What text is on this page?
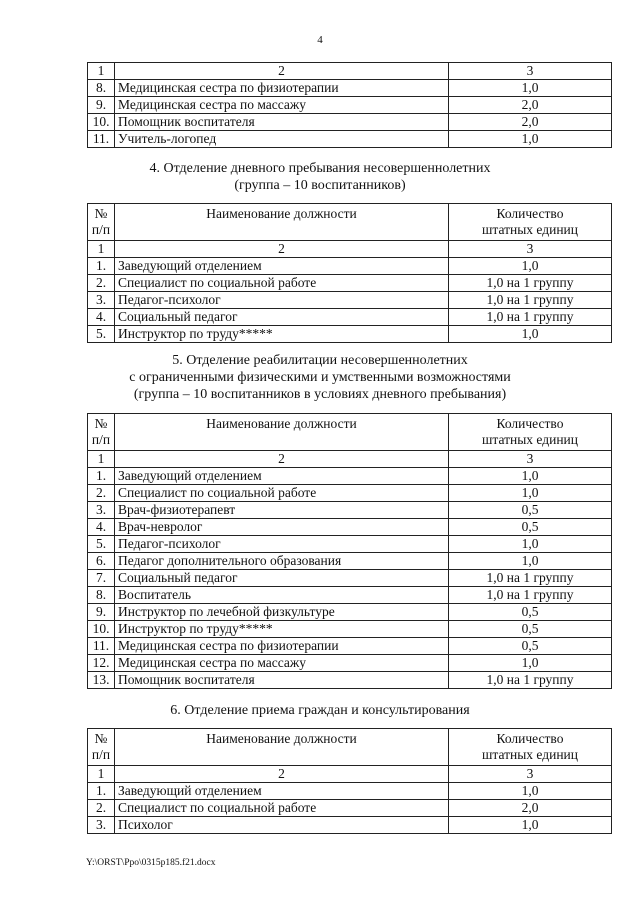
4
1	2	3
8.	Медицинская сестра по физиотерапии	1,0
9.	Медицинская сестра по массажу	2,0
10.	Помощник воспитателя	2,0
11.	Учитель-логопед	1,0
4. Отделение дневного пребывания несовершеннолетних
(группа – 10 воспитанников)
№
п/п	Наименование должности	Количество
штатных единиц
1	2	3
1.	Заведующий отделением	1,0
2.	Специалист по социальной работе	1,0 на 1 группу
3.	Педагог-психолог	1,0 на 1 группу
4.	Социальный педагог	1,0 на 1 группу
5.	Инструктор по труду*****	1,0
5. Отделение реабилитации несовершеннолетних
с ограниченными физическими и умственными возможностями
(группа – 10 воспитанников в условиях дневного пребывания)
№
п/п	Наименование должности	Количество
штатных единиц
1	2	3
1.	Заведующий отделением	1,0
2.	Специалист по социальной работе	1,0
3.	Врач-физиотерапевт	0,5
4.	Врач-невролог	0,5
5.	Педагог-психолог	1,0
6.	Педагог дополнительного образования	1,0
7.	Социальный педагог	1,0 на 1 группу
8.	Воспитатель	1,0 на 1 группу
9.	Инструктор по лечебной физкультуре	0,5
10.	Инструктор по труду*****	0,5
11.	Медицинская сестра по физиотерапии	0,5
12.	Медицинская сестра по массажу	1,0
13.	Помощник воспитателя	1,0 на 1 группу
6. Отделение приема граждан и консультирования
№
п/п	Наименование должности	Количество
штатных единиц
1	2	3
1.	Заведующий отделением	1,0
2.	Специалист по социальной работе	2,0
3.	Психолог	1,0
Y:\ORST\Ppo\0315p185.f21.docx
